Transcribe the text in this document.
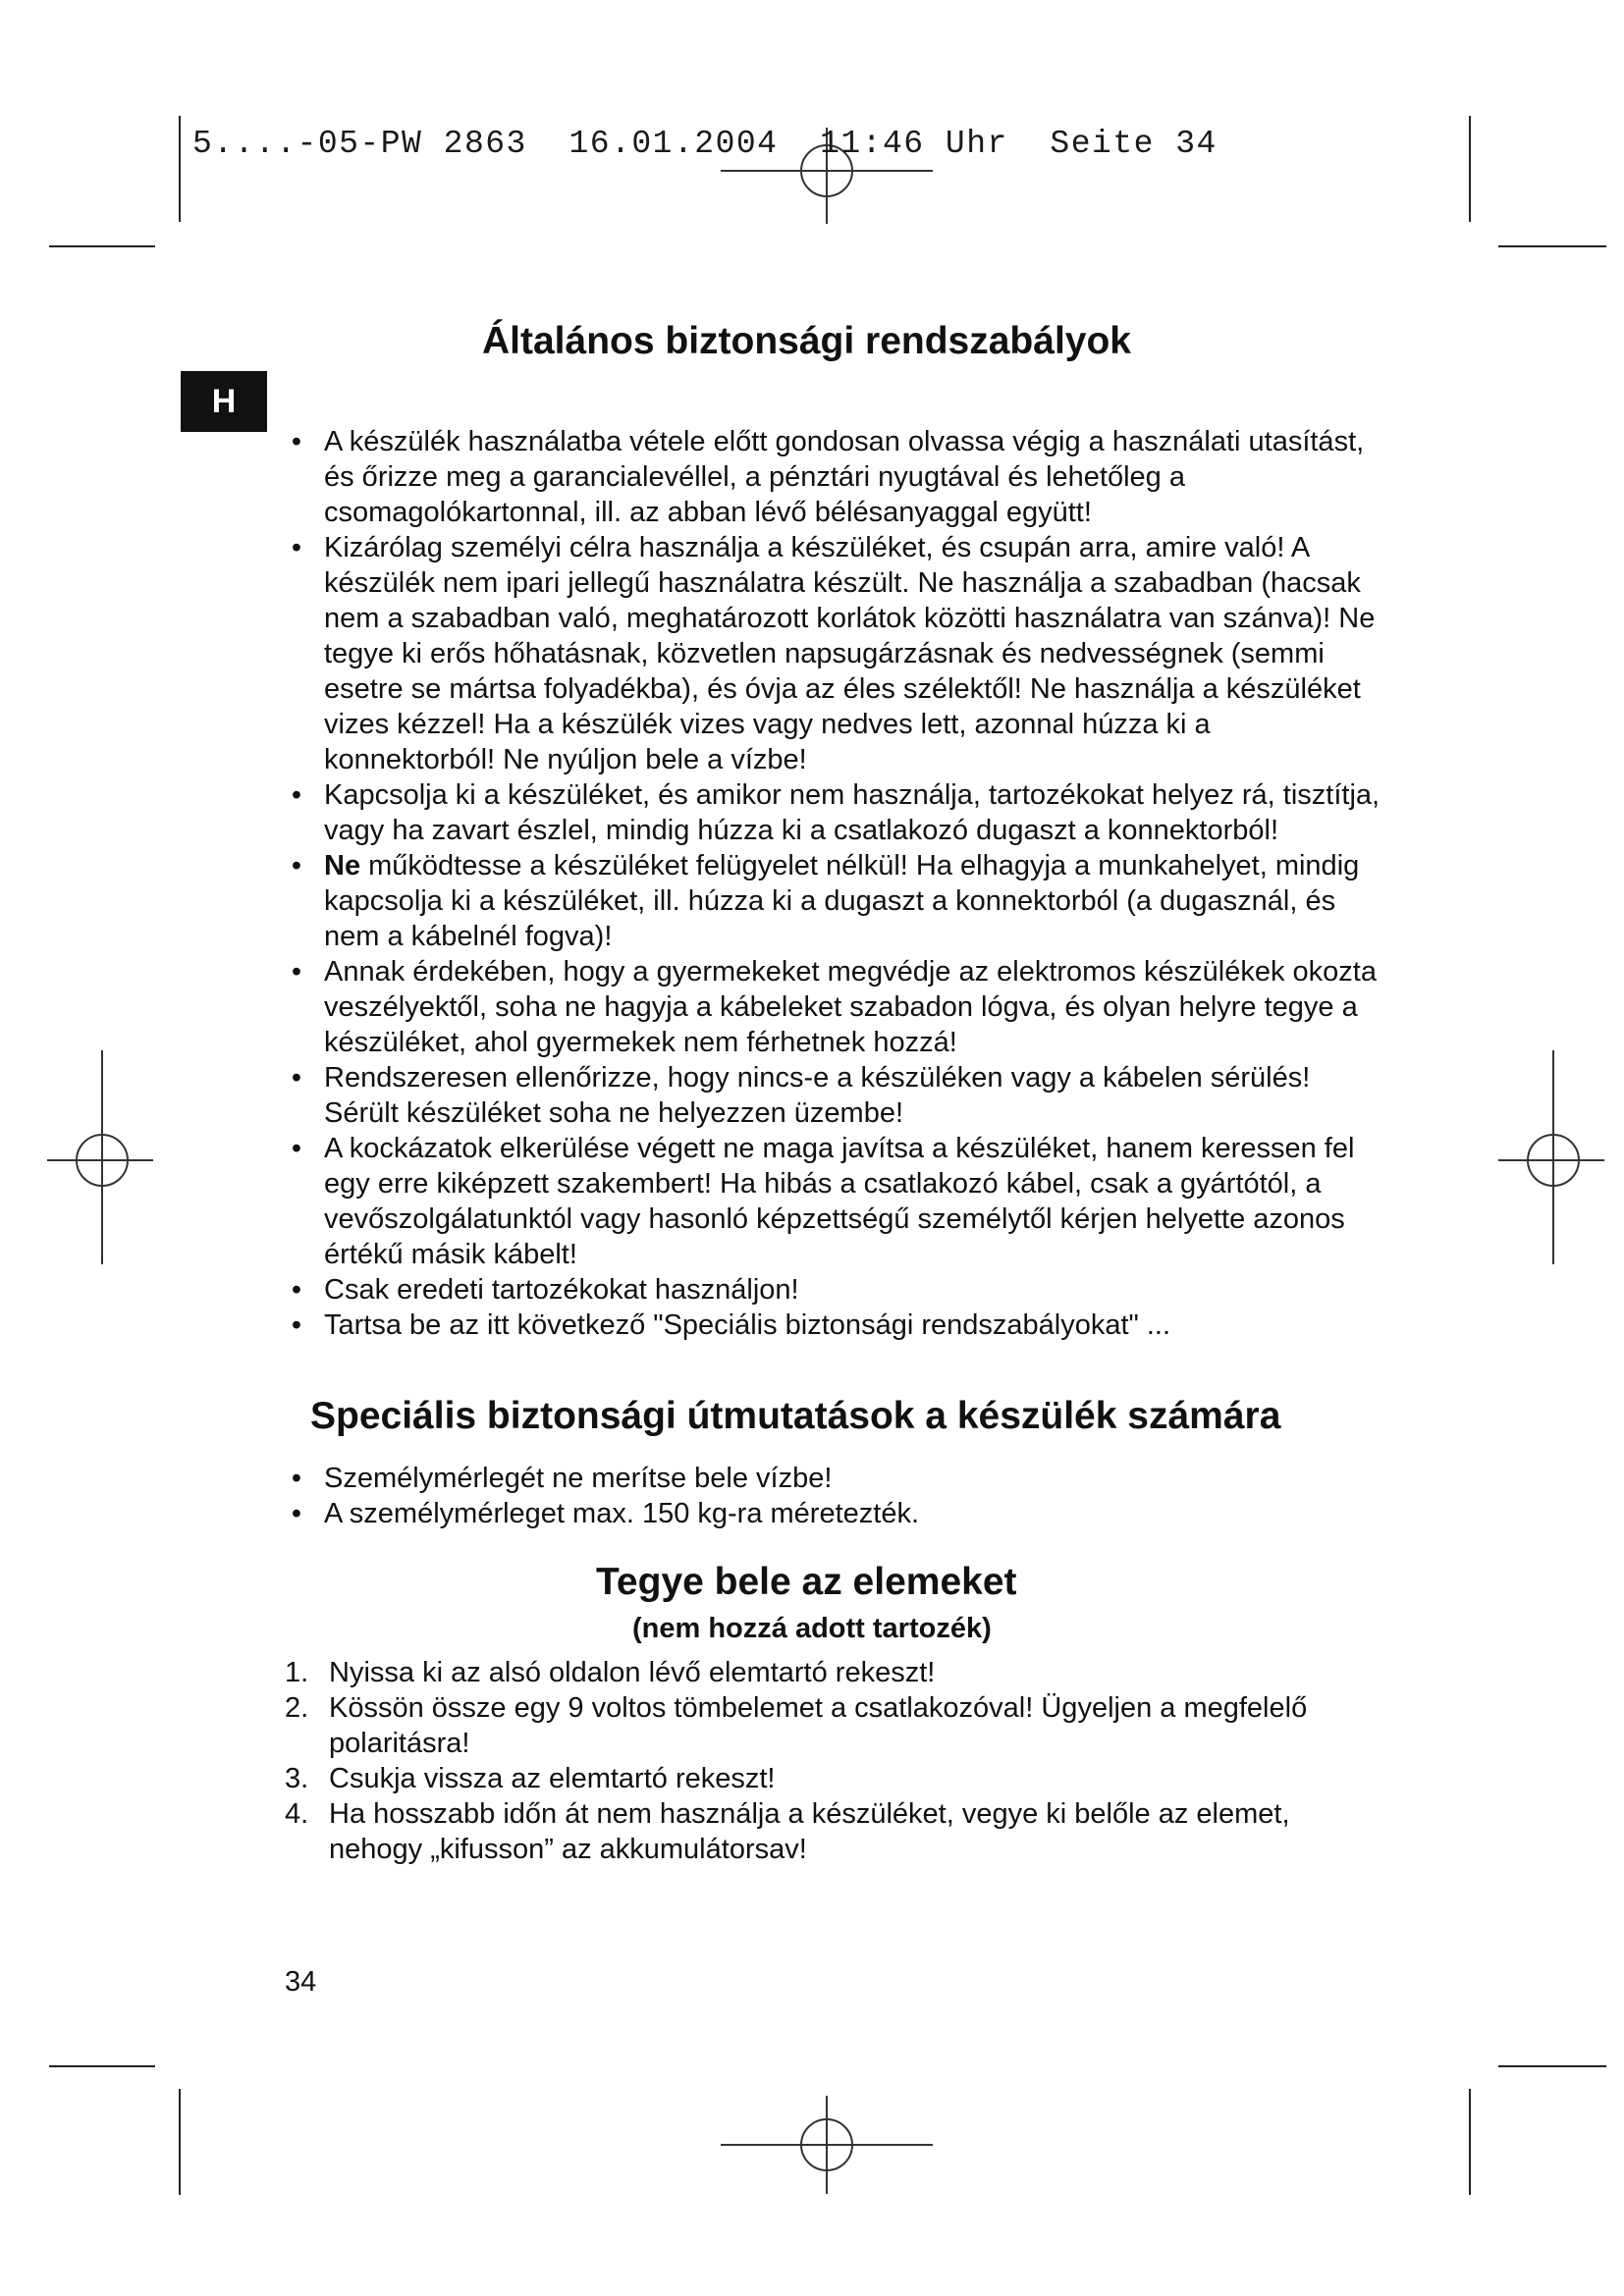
5....-05-PW 2863  16.01.2004  11:46 Uhr  Seite 34
H
Általános biztonsági rendszabályok
• A készülék használatba vétele előtt gondosan olvassa végig a használati utasítást, és őrizze meg a garancialevéllel, a pénztári nyugtával és lehetőleg a csomagolókartonnal, ill. az abban lévő bélésanyaggal együtt!
• Kizárólag személyi célra használja a készüléket, és csupán arra, amire való! A készülék nem ipari jellegű használatra készült. Ne használja a szabadban (hacsak nem a szabadban való, meghatározott korlátok közötti használatra van szánva)! Ne tegye ki erős hőhatásnak, közvetlen napsugárzásnak és nedvességnek (semmi esetre se mártsa folyadékba), és óvja az éles szélektől! Ne használja a készüléket vizes kézzel! Ha a készülék vizes vagy nedves lett, azonnal húzza ki a konnektorból! Ne nyúljon bele a vízbe!
• Kapcsolja ki a készüléket, és amikor nem használja, tartozékokat helyez rá, tisztítja, vagy ha zavart észlel, mindig húzza ki a csatlakozó dugaszt a konnektorból!
• Ne működtesse a készüléket felügyelet nélkül! Ha elhagyja a munkahelyet, mindig kapcsolja ki a készüléket, ill. húzza ki a dugaszt a konnektorból (a dugasznál, és nem a kábelnél fogva)!
• Annak érdekében, hogy a gyermekeket megvédje az elektromos készülékek okozta veszélyektől, soha ne hagyja a kábeleket szabadon lógva, és olyan helyre tegye a készüléket, ahol gyermekek nem férhetnek hozzá!
• Rendszeresen ellenőrizze, hogy nincs-e a készüléken vagy a kábelen sérülés! Sérült készüléket soha ne helyezzen üzembe!
• A kockázatok elkerülése végett ne maga javítsa a készüléket, hanem keressen fel egy erre kiképzett szakembert! Ha hibás a csatlakozó kábel, csak a gyártótól, a vevőszolgálatunktól vagy hasonló képzettségű személytől kérjen helyette azonos értékű másik kábelt!
• Csak eredeti tartozékokat használjon!
• Tartsa be az itt következő "Speciális biztonsági rendszabályokat" ...
Speciális biztonsági útmutatások a készülék számára
• Személymérlegét ne merítse bele vízbe!
• A személymérleget max. 150 kg-ra méretezték.
Tegye bele az elemeket
(nem hozzá adott tartozék)
1. Nyissa ki az alsó oldalon lévő elemtartó rekeszt!
2. Kössön össze egy 9 voltos tömbelemet a csatlakozóval! Ügyeljen a megfelelő polaritásra!
3. Csukja vissza az elemtartó rekeszt!
4. Ha hosszabb időn át nem használja a készüléket, vegye ki belőle az elemet, nehogy „kifusson” az akkumulátorsav!
34
